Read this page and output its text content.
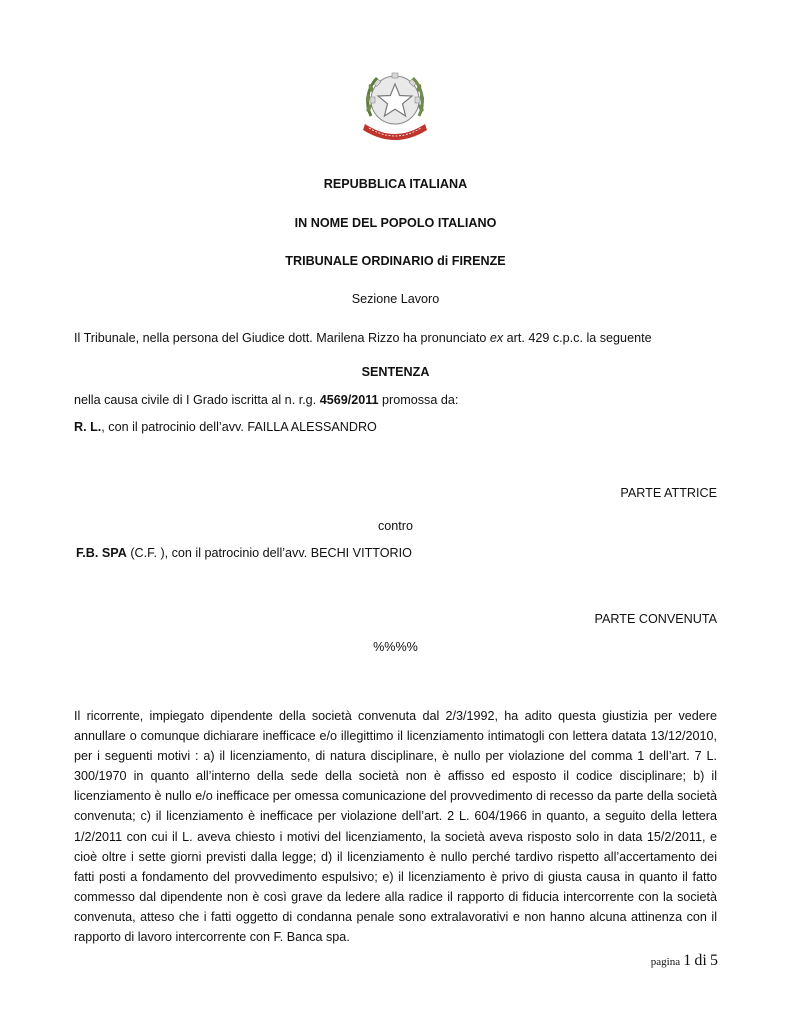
REPUBBLICA ITALIANA
IN NOME DEL POPOLO ITALIANO
TRIBUNALE ORDINARIO di FIRENZE
Sezione Lavoro
Il Tribunale, nella persona del Giudice dott. Marilena Rizzo ha pronunciato ex art. 429 c.p.c. la seguente
SENTENZA
nella causa civile di I Grado iscritta al n. r.g. 4569/2011 promossa da:
R. L., con il patrocinio dell’avv. FAILLA ALESSANDRO
PARTE ATTRICE
contro
F.B. SPA (C.F. ), con il patrocinio dell’avv. BECHI VITTORIO
PARTE CONVENUTA
%%%%
Il ricorrente, impiegato dipendente della società convenuta dal 2/3/1992, ha adito questa giustizia per vedere annullare o comunque dichiarare inefficace e/o illegittimo il licenziamento intimatogli con lettera datata 13/12/2010, per i seguenti motivi : a) il licenziamento, di natura disciplinare, è nullo per violazione del comma 1 dell’art. 7 L. 300/1970 in quanto all’interno della sede della società non è affisso ed esposto il codice disciplinare; b) il licenziamento è nullo e/o inefficace per omessa comunicazione del provvedimento di recesso da parte della società convenuta; c) il licenziamento è inefficace per violazione dell’art. 2 L. 604/1966 in quanto, a seguito della lettera 1/2/2011 con cui il L. aveva chiesto i motivi del licenziamento, la società aveva risposto solo in data 15/2/2011, e cioè oltre i sette giorni previsti dalla legge; d) il licenziamento è nullo perché tardivo rispetto all’accertamento dei fatti posti a fondamento del provvedimento espulsivo; e) il licenziamento è privo di giusta causa in quanto il fatto commesso dal dipendente non è così grave da ledere alla radice il rapporto di fiducia intercorrente con la società convenuta, atteso che i fatti oggetto di condanna penale sono extralavorativi e non hanno alcuna attinenza con il rapporto di lavoro intercorrente con F. Banca spa.
pagina 1 di 5
